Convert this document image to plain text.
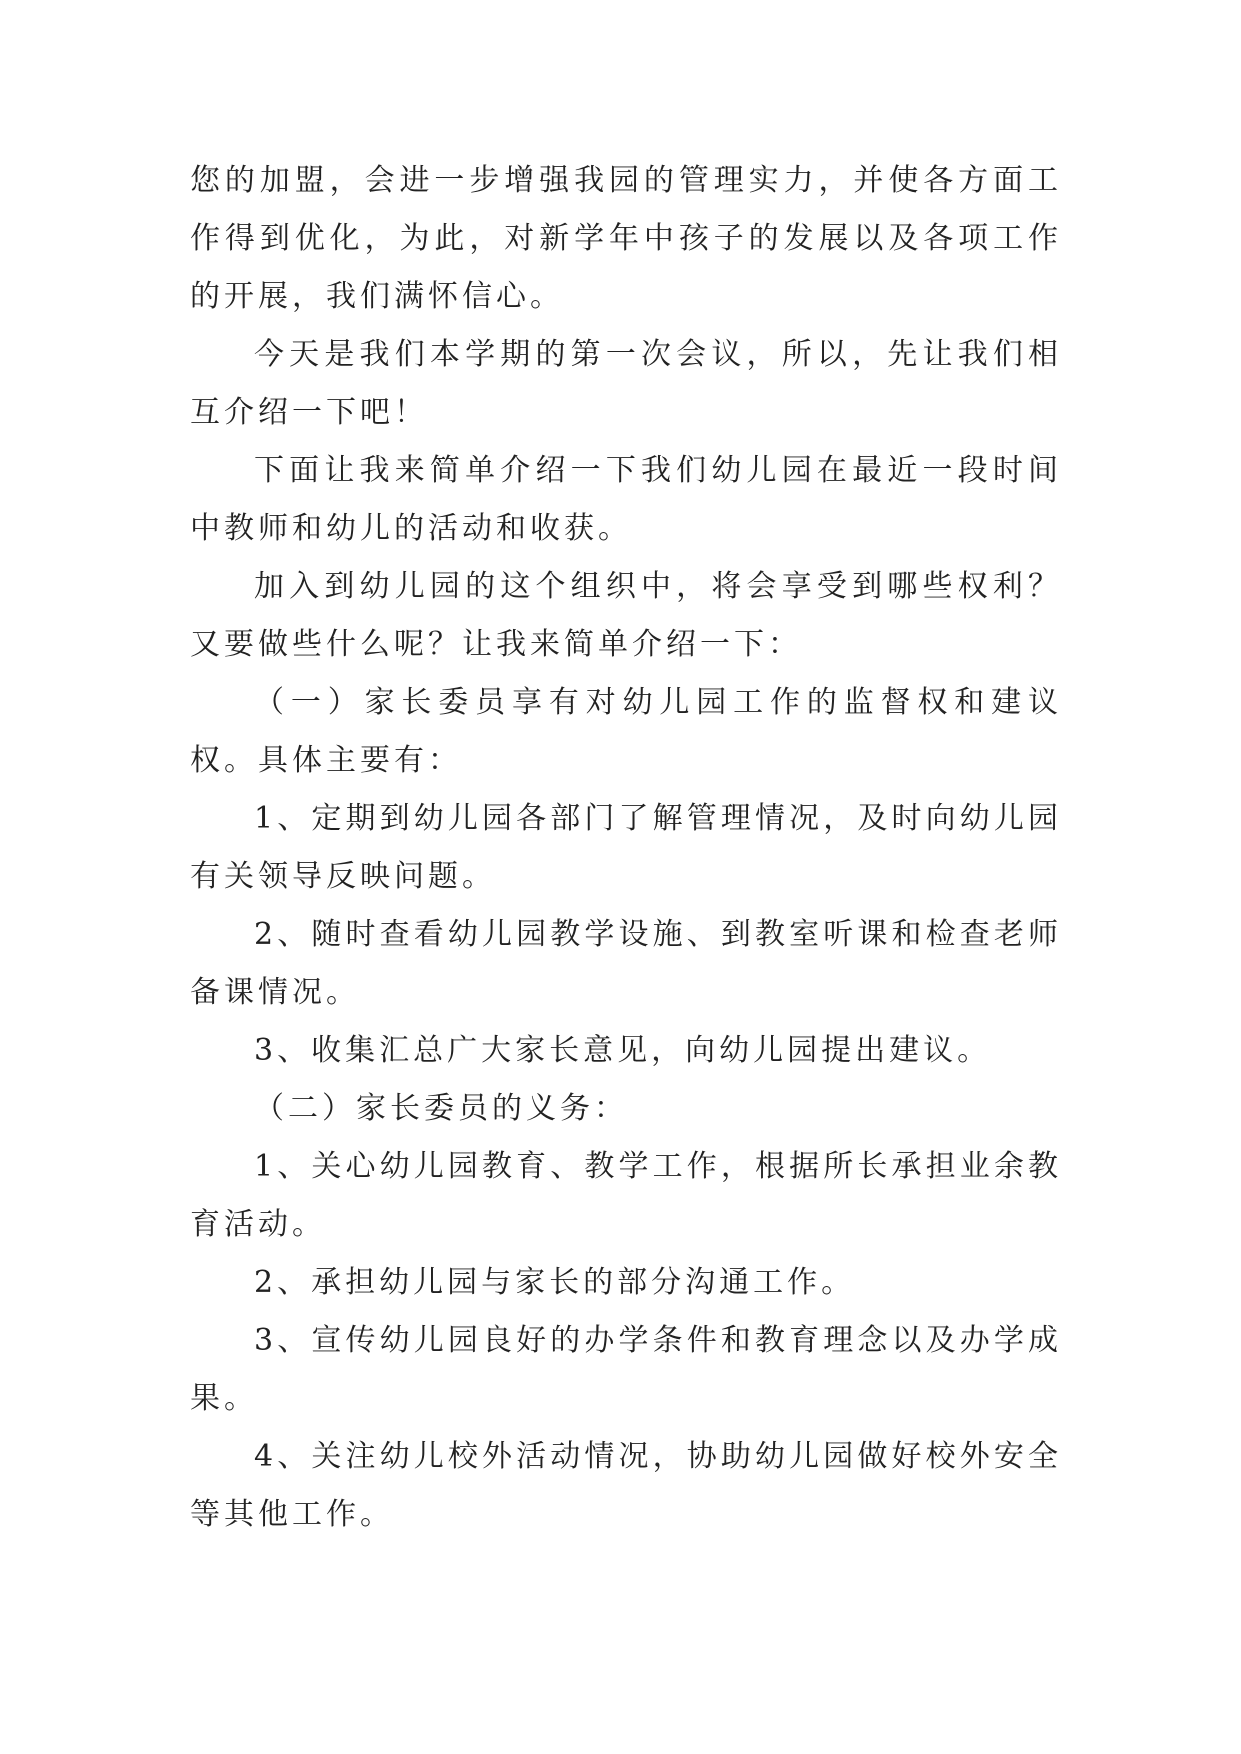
您的加盟，会进一步增强我园的管理实力，并使各方面工作得到优化，为此，对新学年中孩子的发展以及各项工作的开展，我们满怀信心。

今天是我们本学期的第一次会议，所以，先让我们相互介绍一下吧！

下面让我来简单介绍一下我们幼儿园在最近一段时间中教师和幼儿的活动和收获。

加入到幼儿园的这个组织中，将会享受到哪些权利？又要做些什么呢？让我来简单介绍一下：

（一）家长委员享有对幼儿园工作的监督权和建议权。具体主要有：

1、定期到幼儿园各部门了解管理情况，及时向幼儿园有关领导反映问题。

2、随时查看幼儿园教学设施、到教室听课和检查老师备课情况。

3、收集汇总广大家长意见，向幼儿园提出建议。

（二）家长委员的义务：

1、关心幼儿园教育、教学工作，根据所长承担业余教育活动。

2、承担幼儿园与家长的部分沟通工作。

3、宣传幼儿园良好的办学条件和教育理念以及办学成果。

4、关注幼儿校外活动情况，协助幼儿园做好校外安全等其他工作。
